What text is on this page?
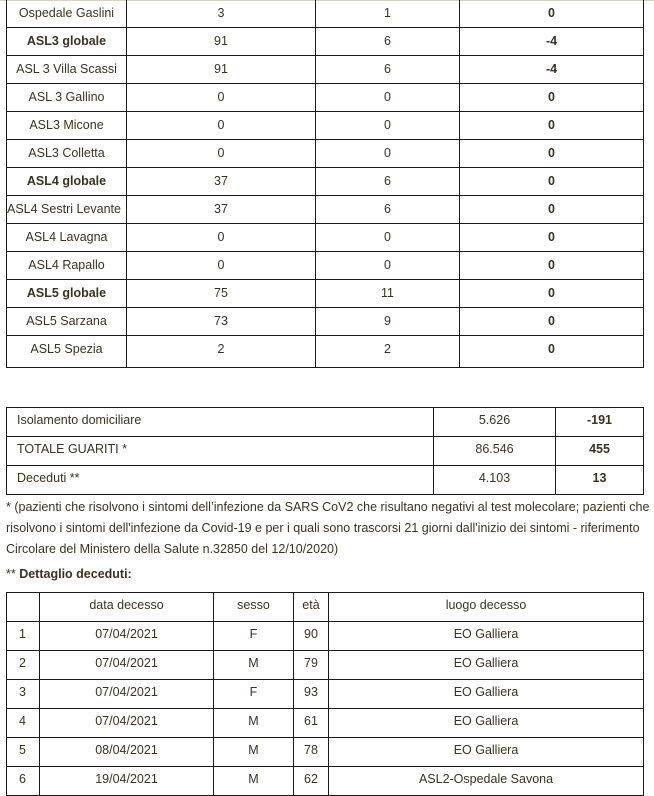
Ospedale Gaslini	3	1	0
ASL3 globale	91	6	-4
ASL 3 Villa Scassi	91	6	-4
ASL 3 Gallino	0	0	0
ASL3 Micone	0	0	0
ASL3 Colletta	0	0	0
ASL4 globale	37	6	0
ASL4 Sestri Levante	37	6	0
ASL4 Lavagna	0	0	0
ASL4 Rapallo	0	0	0
ASL5 globale	75	11	0
ASL5 Sarzana	73	9	0
ASL5 Spezia	2	2	0
Isolamento domiciliare	5.626	-191
TOTALE GUARITI *	86.546	455
Deceduti **	4.103	13
* (pazienti che risolvono i sintomi dell’infezione da SARS CoV2 che risultano negativi al test molecolare; pazienti che risolvono i sintomi dell'infezione da Covid-19 e per i quali sono trascorsi 21 giorni dall'inizio dei sintomi - riferimento Circolare del Ministero della Salute n.32850 del 12/10/2020)
** Dettaglio deceduti:
	data decesso	sesso	età	luogo decesso
1	07/04/2021	F	90	EO Galliera
2	07/04/2021	M	79	EO Galliera
3	07/04/2021	F	93	EO Galliera
4	07/04/2021	M	61	EO Galliera
5	08/04/2021	M	78	EO Galliera
6	19/04/2021	M	62	ASL2-Ospedale Savona
